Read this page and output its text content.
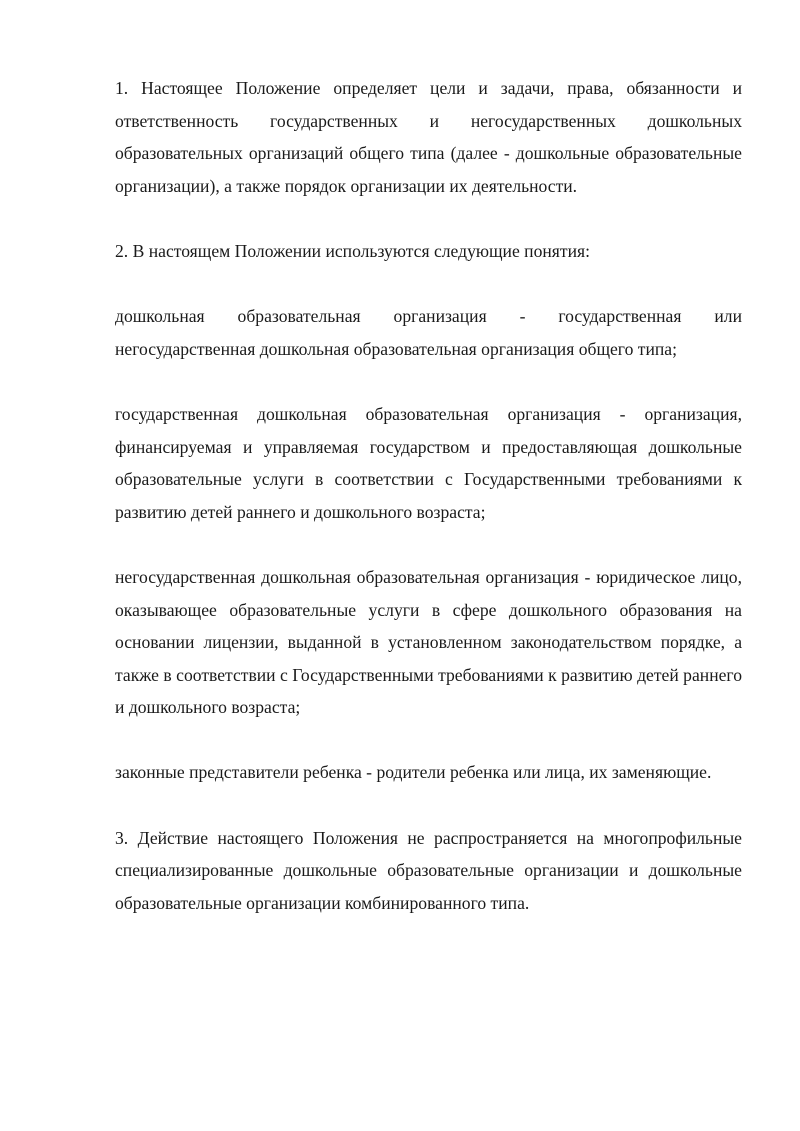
1. Настоящее Положение определяет цели и задачи, права, обязанности и ответственность государственных и негосударственных дошкольных образовательных организаций общего типа (далее - дошкольные образовательные организации), а также порядок организации их деятельности.

2. В настоящем Положении используются следующие понятия:

дошкольная образовательная организация - государственная или негосударственная дошкольная образовательная организация общего типа;

государственная дошкольная образовательная организация - организация, финансируемая и управляемая государством и предоставляющая дошкольные образовательные услуги в соответствии с Государственными требованиями к развитию детей раннего и дошкольного возраста;

негосударственная дошкольная образовательная организация - юридическое лицо, оказывающее образовательные услуги в сфере дошкольного образования на основании лицензии, выданной в установленном законодательством порядке, а также в соответствии с Государственными требованиями к развитию детей раннего и дошкольного возраста;

законные представители ребенка - родители ребенка или лица, их заменяющие.

3. Действие настоящего Положения не распространяется на многопрофильные специализированные дошкольные образовательные организации и дошкольные образовательные организации комбинированного типа.
